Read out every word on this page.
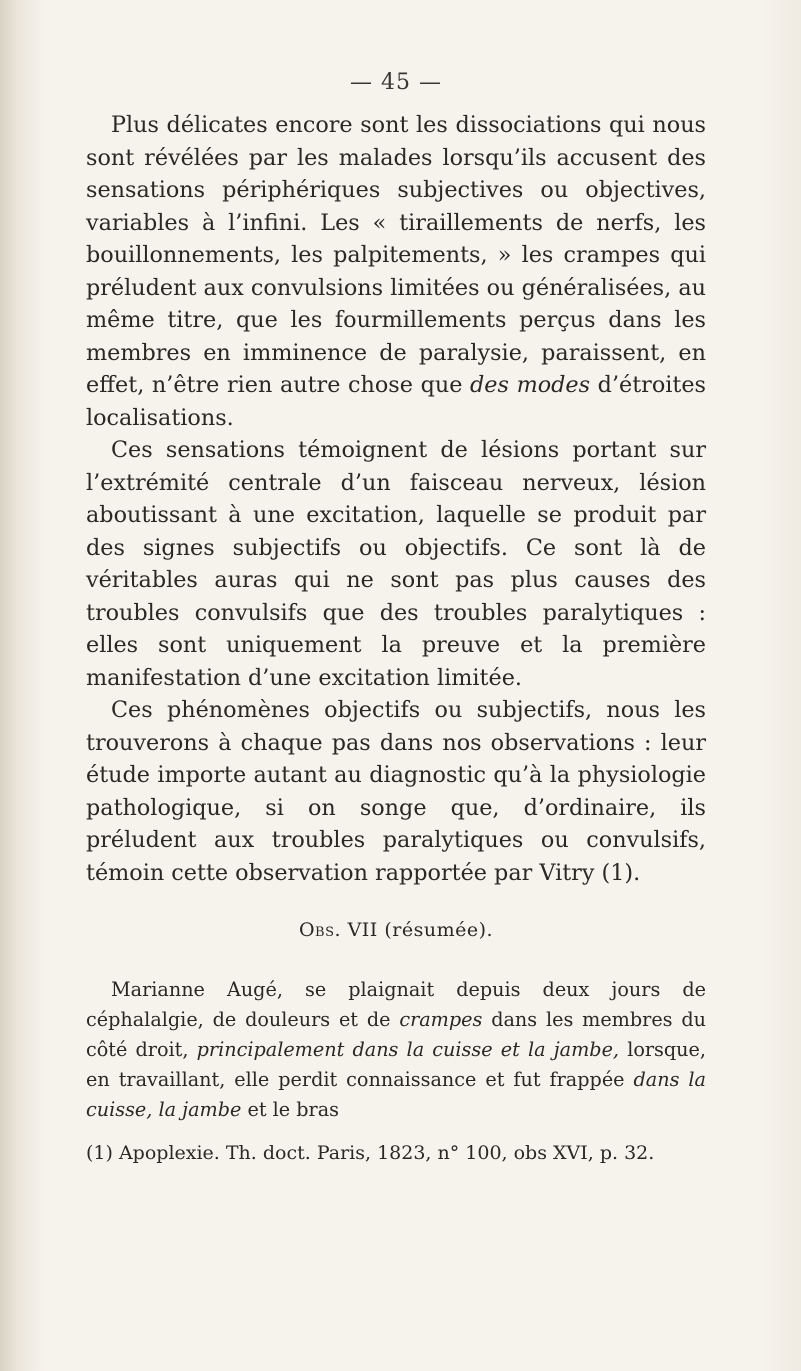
— 45 —

Plus délicates encore sont les dissociations qui nous sont révélées par les malades lorsqu’ils accusent des sensations périphériques subjectives ou objectives, variables à l’infini. Les « tiraillements de nerfs, les bouillonnements, les palpitements, » les crampes qui préludent aux convulsions limitées ou généralisées, au même titre, que les fourmillements perçus dans les membres en imminence de paralysie, paraissent, en effet, n’être rien autre chose que des modes d’étroites localisations.

Ces sensations témoignent de lésions portant sur l’extrémité centrale d’un faisceau nerveux, lésion aboutissant à une excitation, laquelle se produit par des signes subjectifs ou objectifs. Ce sont là de véritables auras qui ne sont pas plus causes des troubles convulsifs que des troubles paralytiques : elles sont uniquement la preuve et la première manifestation d’une excitation limitée.

Ces phénomènes objectifs ou subjectifs, nous les trouverons à chaque pas dans nos observations : leur étude importe autant au diagnostic qu’à la physiologie pathologique, si on songe que, d’ordinaire, ils préludent aux troubles paralytiques ou convulsifs, témoin cette observation rapportée par Vitry (1).

Obs. VII (résumée).

Marianne Augé, se plaignait depuis deux jours de céphalalgie, de douleurs et de crampes dans les membres du côté droit, principalement dans la cuisse et la jambe, lorsque, en travaillant, elle perdit connaissance et fut frappée dans la cuisse, la jambe et le bras

(1) Apoplexie. Th. doct. Paris, 1823, n° 100, obs XVI, p. 32.
